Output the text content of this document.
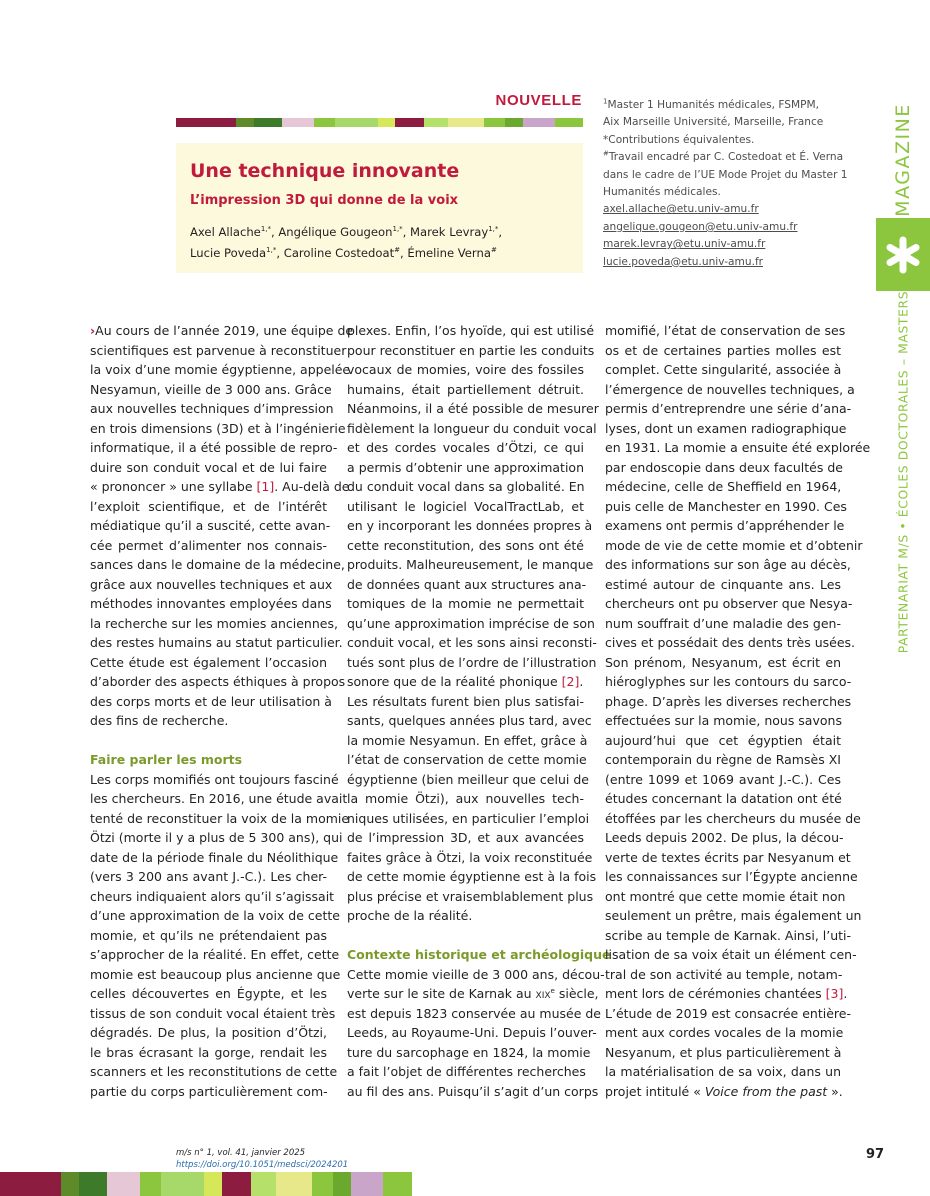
NOUVELLE
Une technique innovante
L’impression 3D qui donne de la voix

Axel Allache$^{1,*}$, Angélique Gougeon$^{1,*}$, Marek Levray$^{1,*}$,

Lucie Poveda$^{1,*}$, Caroline Costedoat#, Émeline Verna#

$^1$Master 1 Humanités médicales, FSMPM,

Aix Marseille Université, Marseille, France

*Contributions équivalentes.

#Travail encadré par C. Costedoat et É. Verna

dans le cadre de l’UE Mode Projet du Master 1

Humanités médicales.

axel.allache@etu.univ-amu.fr

angelique.gougeon@etu.univ-amu.fr

marek.levray@etu.univ-amu.fr

lucie.poveda@etu.univ-amu.fr

MAGAZINE
PARTENARIAT M/S • ÉCOLES DOCTORALES – MASTERS
›Au cours de l’année 2019, une équipe de
scientifiques est parvenue à reconstituer
la voix d’une momie égyptienne, appelée
Nesyamun, vieille de 3 000 ans. Grâce
aux nouvelles techniques d’impression
en trois dimensions (3D) et à l’ingénierie
informatique, il a été possible de repro-
duire son conduit vocal et de lui faire
« prononcer » une syllabe [1]. Au-delà de
l’exploit scientifique, et de l’intérêt
médiatique qu’il a suscité, cette avan-
cée permet d’alimenter nos connais-
sances dans le domaine de la médecine,
grâce aux nouvelles techniques et aux
méthodes innovantes employées dans
la recherche sur les momies anciennes,
des restes humains au statut particulier.
Cette étude est également l’occasion
d’aborder des aspects éthiques à propos
des corps morts et de leur utilisation à
des fins de recherche.
Faire parler les morts
Les corps momifiés ont toujours fasciné
les chercheurs. En 2016, une étude avait
tenté de reconstituer la voix de la momie
Ötzi (morte il y a plus de 5 300 ans), qui
date de la période finale du Néolithique
(vers 3 200 ans avant J.-C.). Les cher-
cheurs indiquaient alors qu’il s’agissait
d’une approximation de la voix de cette
momie, et qu’ils ne prétendaient pas
s’approcher de la réalité. En effet, cette
momie est beaucoup plus ancienne que
celles découvertes en Égypte, et les
tissus de son conduit vocal étaient très
dégradés. De plus, la position d’Ötzi,
le bras écrasant la gorge, rendait les
scanners et les reconstitutions de cette
partie du corps particulièrement com-
plexes. Enfin, l’os hyoïde, qui est utilisé
pour reconstituer en partie les conduits
vocaux de momies, voire des fossiles
humains, était partiellement détruit.
Néanmoins, il a été possible de mesurer
fidèlement la longueur du conduit vocal
et des cordes vocales d’Ötzi, ce qui
a permis d’obtenir une approximation
du conduit vocal dans sa globalité. En
utilisant le logiciel VocalTractLab, et
en y incorporant les données propres à
cette reconstitution, des sons ont été
produits. Malheureusement, le manque
de données quant aux structures ana-
tomiques de la momie ne permettait
qu’une approximation imprécise de son
conduit vocal, et les sons ainsi reconsti-
tués sont plus de l’ordre de l’illustration
sonore que de la réalité phonique [2].
Les résultats furent bien plus satisfai-
sants, quelques années plus tard, avec
la momie Nesyamun. En effet, grâce à
l’état de conservation de cette momie
égyptienne (bien meilleur que celui de
la momie Ötzi), aux nouvelles tech-
niques utilisées, en particulier l’emploi
de l’impression 3D, et aux avancées
faites grâce à Ötzi, la voix reconstituée
de cette momie égyptienne est à la fois
plus précise et vraisemblablement plus
proche de la réalité.
Contexte historique et archéologique
Cette momie vieille de 3 000 ans, décou-
verte sur le site de Karnak au xix$^e$ siècle,
est depuis 1823 conservée au musée de
Leeds, au Royaume-Uni. Depuis l’ouver-
ture du sarcophage en 1824, la momie
a fait l’objet de différentes recherches
au fil des ans. Puisqu’il s’agit d’un corps
momifié, l’état de conservation de ses
os et de certaines parties molles est
complet. Cette singularité, associée à
l’émergence de nouvelles techniques, a
permis d’entreprendre une série d’ana-
lyses, dont un examen radiographique
en 1931. La momie a ensuite été explorée
par endoscopie dans deux facultés de
médecine, celle de Sheffield en 1964,
puis celle de Manchester en 1990. Ces
examens ont permis d’appréhender le
mode de vie de cette momie et d’obtenir
des informations sur son âge au décès,
estimé autour de cinquante ans. Les
chercheurs ont pu observer que Nesya-
num souffrait d’une maladie des gen-
cives et possédait des dents très usées.
Son prénom, Nesyanum, est écrit en
hiéroglyphes sur les contours du sarco-
phage. D’après les diverses recherches
effectuées sur la momie, nous savons
aujourd’hui que cet égyptien était
contemporain du règne de Ramsès XI
(entre 1099 et 1069 avant J.-C.). Ces
études concernant la datation ont été
étoffées par les chercheurs du musée de
Leeds depuis 2002. De plus, la décou-
verte de textes écrits par Nesyanum et
les connaissances sur l’Égypte ancienne
ont montré que cette momie était non
seulement un prêtre, mais également un
scribe au temple de Karnak. Ainsi, l’uti-
lisation de sa voix était un élément cen-
tral de son activité au temple, notam-
ment lors de cérémonies chantées [3].
L’étude de 2019 est consacrée entière-
ment aux cordes vocales de la momie
Nesyanum, et plus particulièrement à
la matérialisation de sa voix, dans un
projet intitulé « Voice from the past ».
m/s n° 1, vol. 41, janvier 2025
https://doi.org/10.1051/medsci/2024201
97
